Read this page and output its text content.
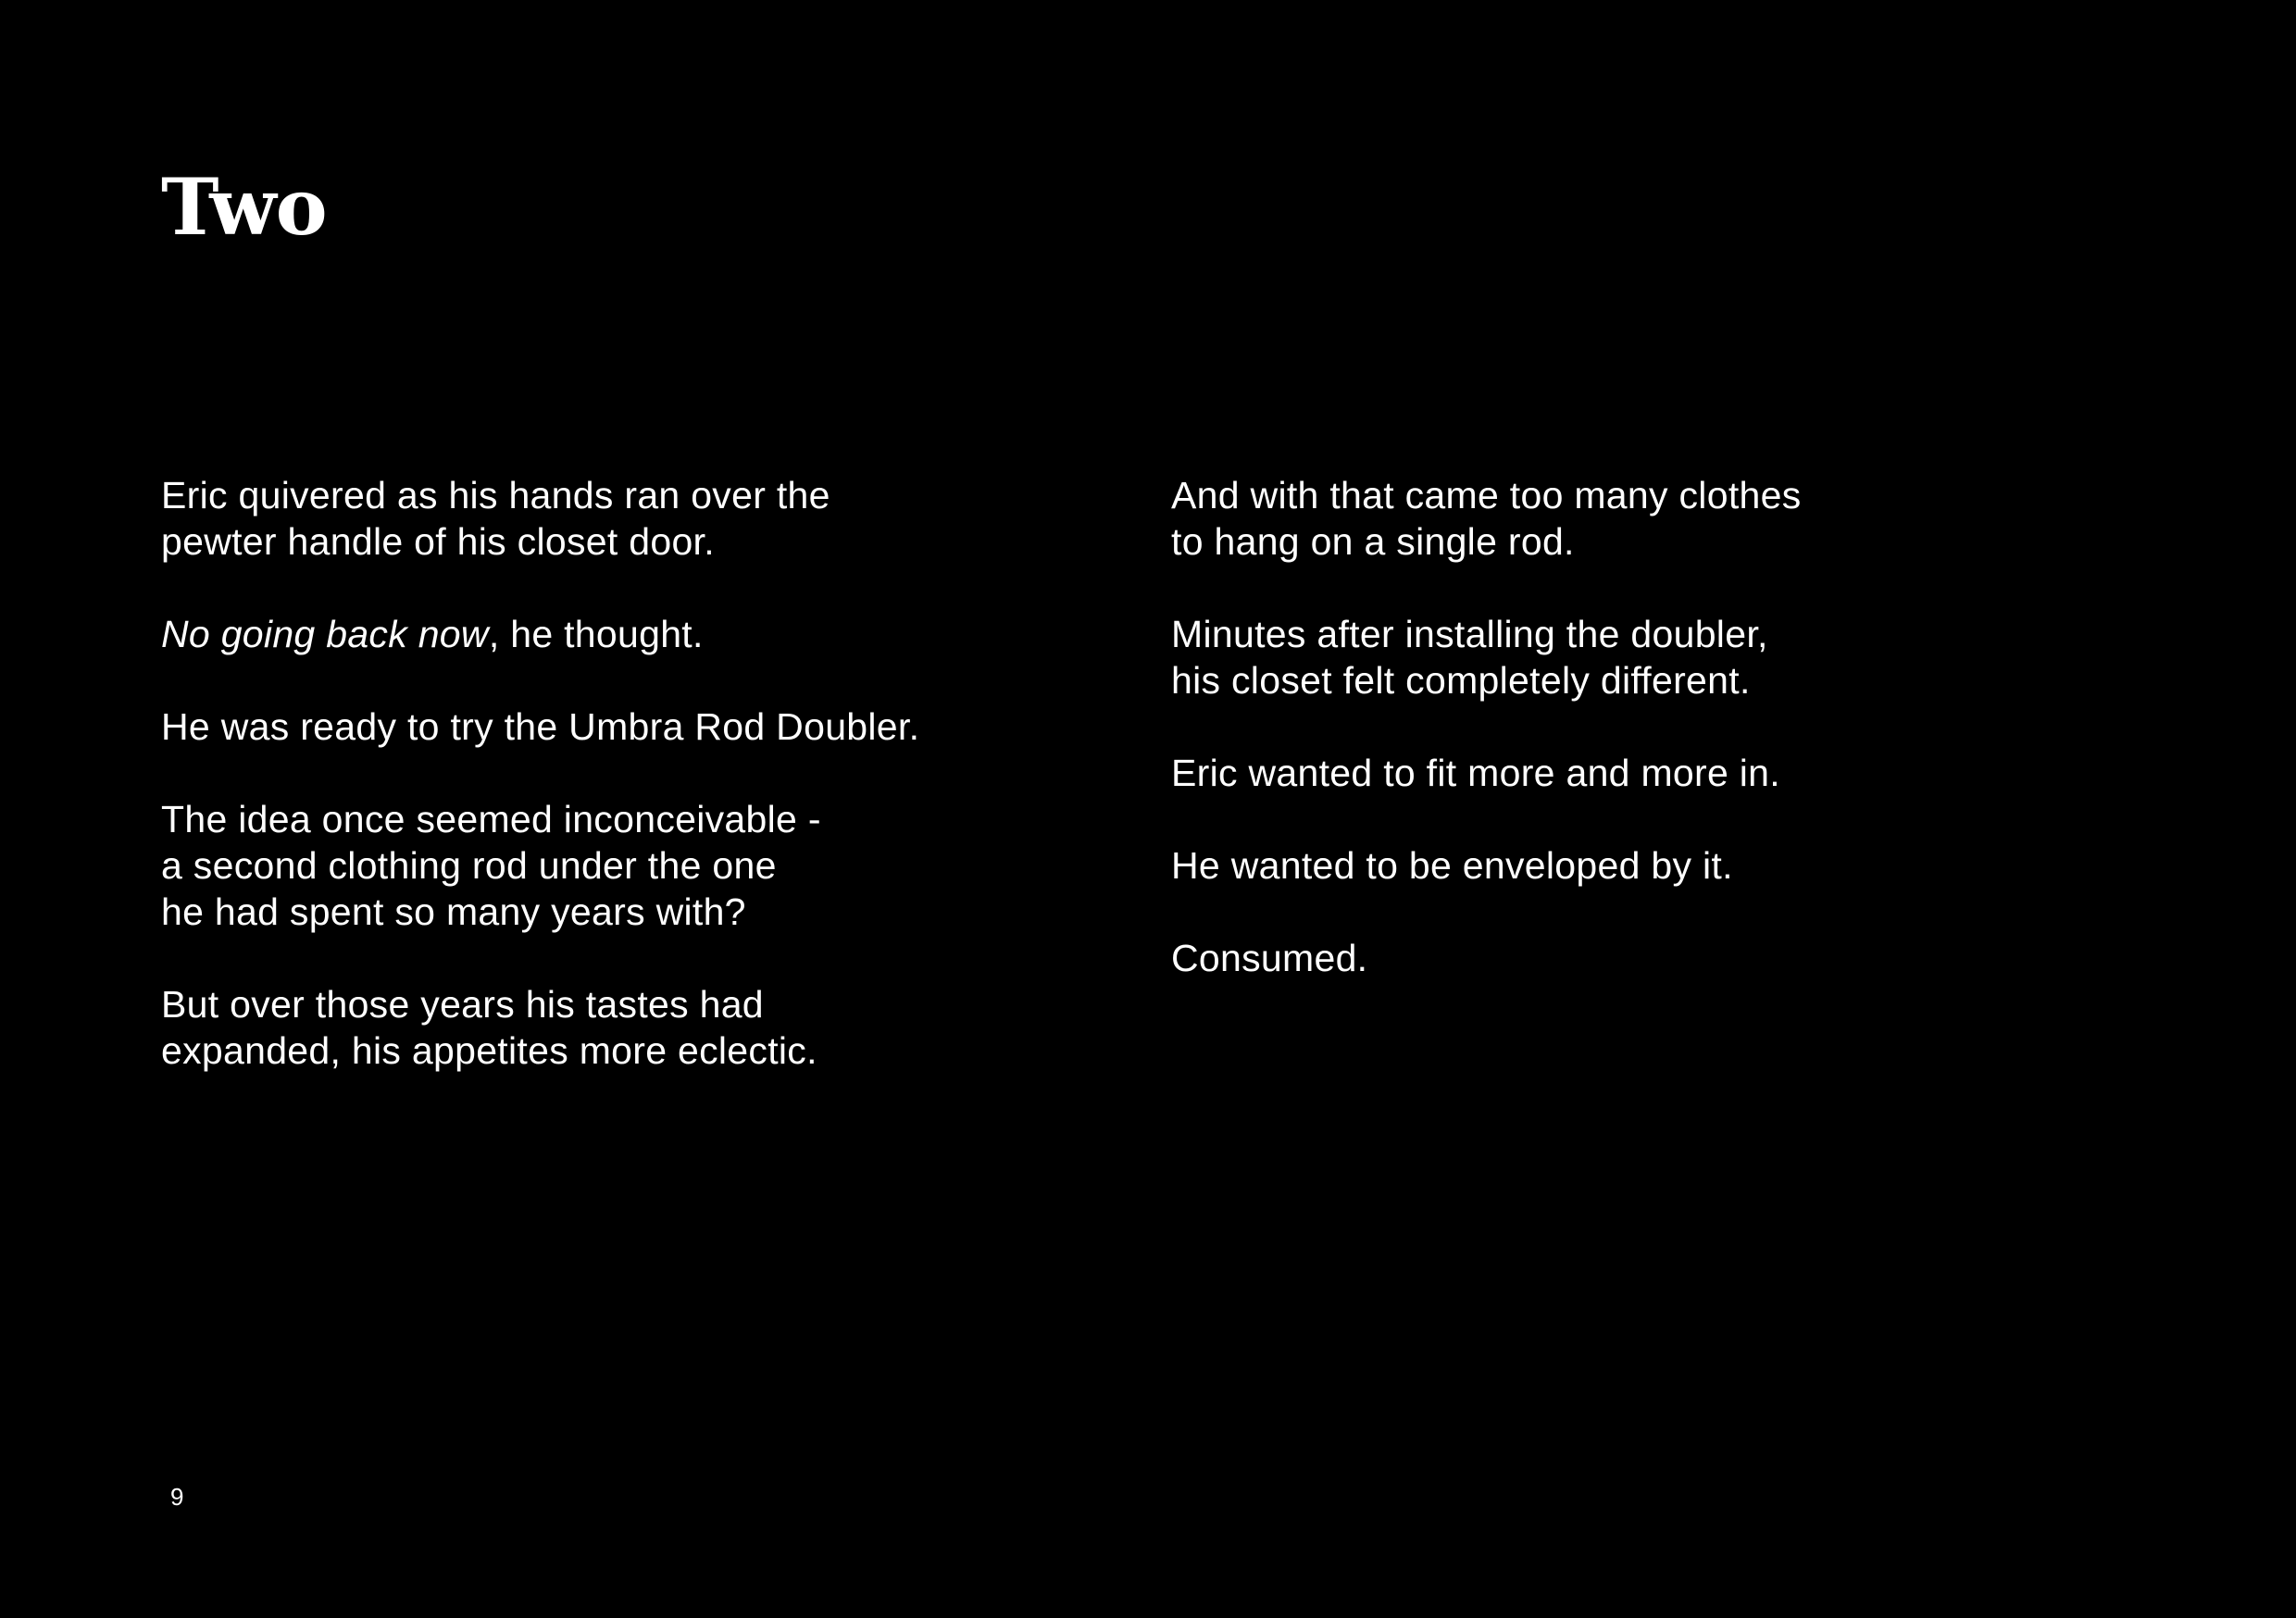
Two

Eric quivered as his hands ran over the
pewter handle of his closet door.

No going back now, he thought.

He was ready to try the Umbra Rod Doubler.

The idea once seemed inconceivable -
a second clothing rod under the one
he had spent so many years with?

But over those years his tastes had
expanded, his appetites more eclectic.

And with that came too many clothes
to hang on a single rod.

Minutes after installing the doubler,
his closet felt completely different.

Eric wanted to fit more and more in.

He wanted to be enveloped by it.

Consumed.

9
